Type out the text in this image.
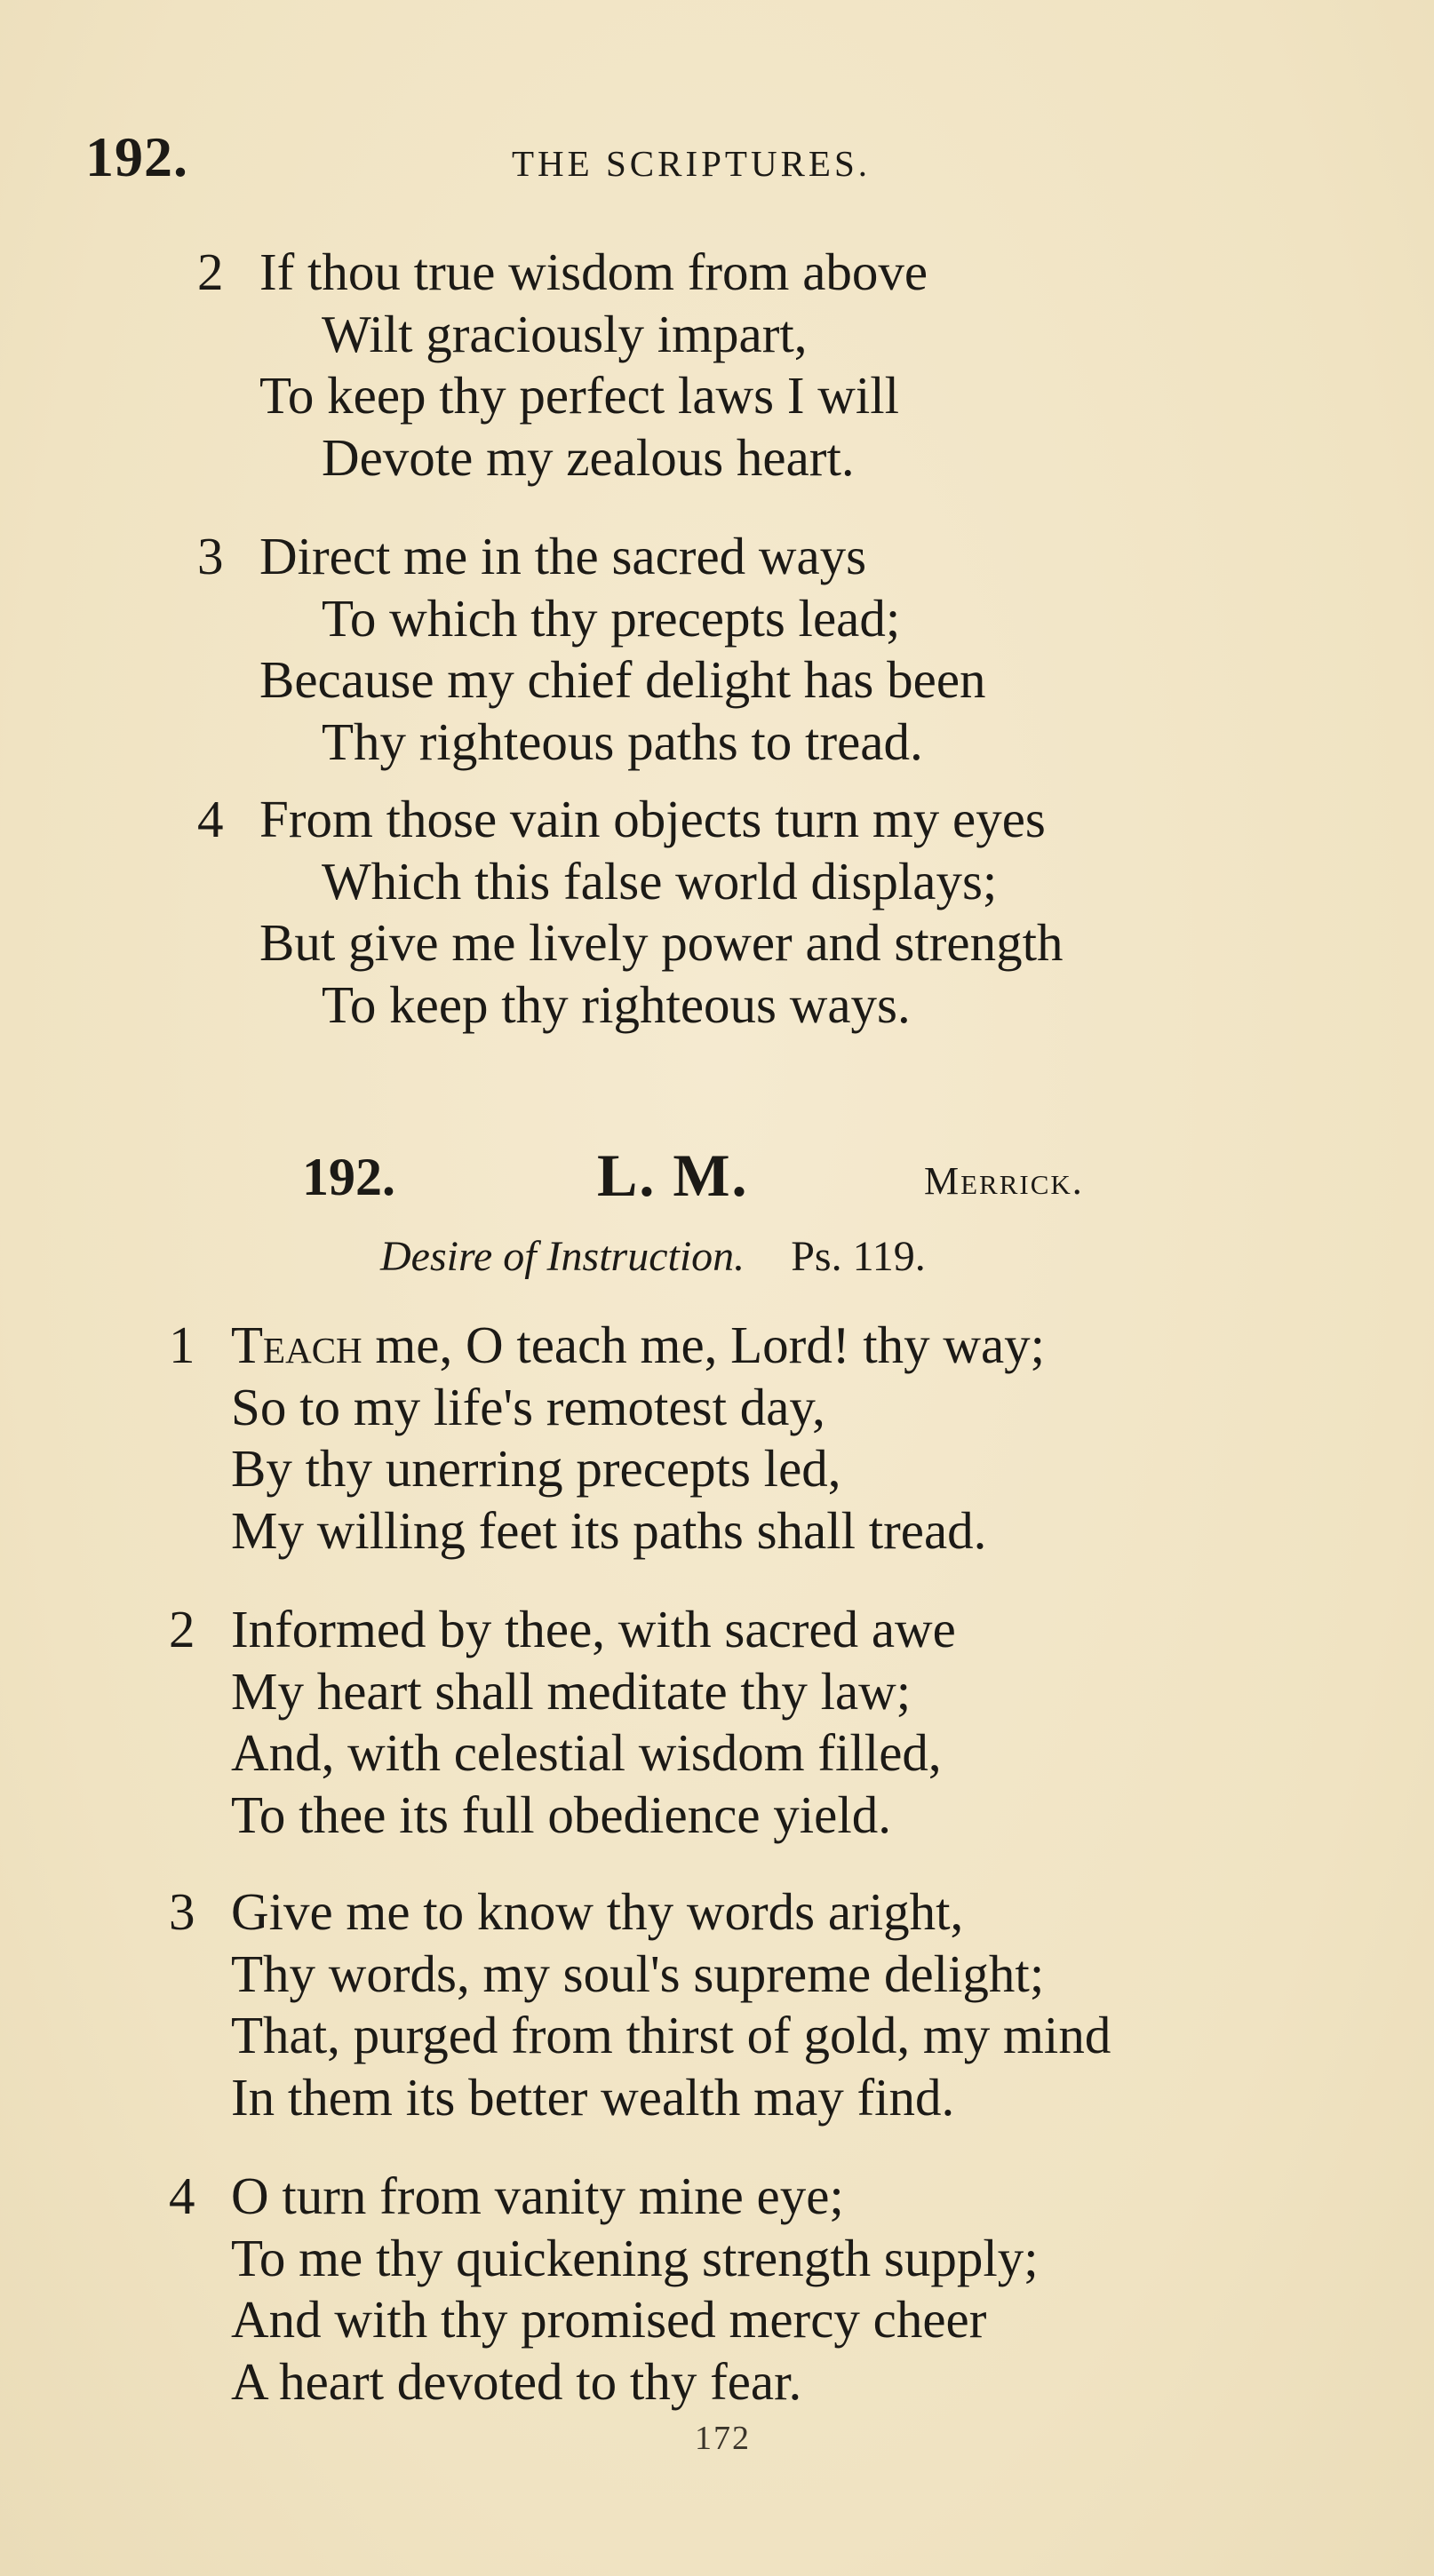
192.	THE SCRIPTURES.
2 If thou true wisdom from above
Wilt graciously impart,
To keep thy perfect laws I will
Devote my zealous heart.
3 Direct me in the sacred ways
To which thy precepts lead;
Because my chief delight has been
Thy righteous paths to tread.
4 From those vain objects turn my eyes
Which this false world displays;
But give me lively power and strength
To keep thy righteous ways.
192.	L. M.	Merrick.
Desire of Instruction. Ps. 119.
1 Teach me, O teach me, Lord! thy way;
So to my life's remotest day,
By thy unerring precepts led,
My willing feet its paths shall tread.
2 Informed by thee, with sacred awe
My heart shall meditate thy law;
And, with celestial wisdom filled,
To thee its full obedience yield.
3 Give me to know thy words aright,
Thy words, my soul's supreme delight;
That, purged from thirst of gold, my mind
In them its better wealth may find.
4 O turn from vanity mine eye;
To me thy quickening strength supply;
And with thy promised mercy cheer
A heart devoted to thy fear.
172
